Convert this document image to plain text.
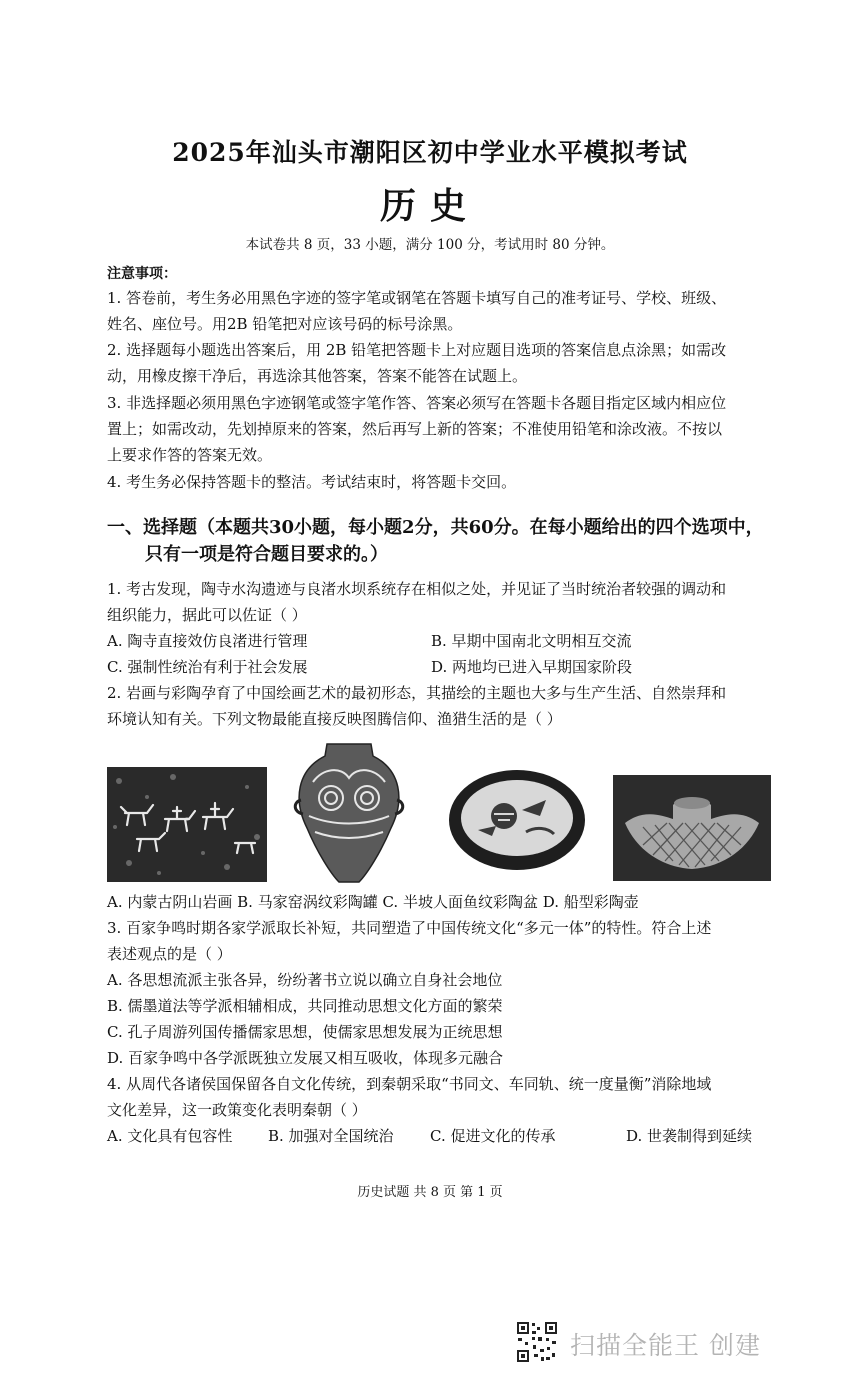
2025年汕头市潮阳区初中学业水平模拟考试
历史
本试卷共 8 页，33 小题，满分 100 分，考试用时 80 分钟。
注意事项：
1. 答卷前，考生务必用黑色字迹的签字笔或钢笔在答题卡填写自己的准考证号、学校、班级、
姓名、座位号。用2B 铅笔把对应该号码的标号涂黑。
2. 选择题每小题选出答案后，用 2B 铅笔把答题卡上对应题目选项的答案信息点涂黑；如需改
动，用橡皮擦干净后，再选涂其他答案，答案不能答在试题上。
3. 非选择题必须用黑色字迹钢笔或签字笔作答、答案必须写在答题卡各题目指定区域内相应位
置上；如需改动，先划掉原来的答案，然后再写上新的答案；不准使用铅笔和涂改液。不按以
上要求作答的答案无效。
4. 考生务必保持答题卡的整洁。考试结束时，将答题卡交回。
一、选择题（本题共30小题，每小题2分，共60分。在每小题给出的四个选项中，
只有一项是符合题目要求的。）
1. 考古发现，陶寺水沟遗迹与良渚水坝系统存在相似之处，并见证了当时统治者较强的调动和
组织能力，据此可以佐证（ ）
A. 陶寺直接效仿良渚进行管理	B. 早期中国南北文明相互交流
C. 强制性统治有利于社会发展	D. 两地均已进入早期国家阶段
2. 岩画与彩陶孕育了中国绘画艺术的最初形态，其描绘的主题也大多与生产生活、自然崇拜和
环境认知有关。下列文物最能直接反映图腾信仰、渔猎生活的是（ ）
A. 内蒙古阴山岩画 B. 马家窑涡纹彩陶罐 C. 半坡人面鱼纹彩陶盆 D. 船型彩陶壶
3. 百家争鸣时期各家学派取长补短，共同塑造了中国传统文化“多元一体”的特性。符合上述
表述观点的是（ ）
A. 各思想流派主张各异，纷纷著书立说以确立自身社会地位
B. 儒墨道法等学派相辅相成，共同推动思想文化方面的繁荣
C. 孔子周游列国传播儒家思想，使儒家思想发展为正统思想
D. 百家争鸣中各学派既独立发展又相互吸收，体现多元融合
4. 从周代各诸侯国保留各自文化传统，到秦朝采取“书同文、车同轨、统一度量衡”消除地域
文化差异，这一政策变化表明秦朝（ ）
A. 文化具有包容性 B. 加强对全国统治 C. 促进文化的传承	D. 世袭制得到延续
历史试题 共 8 页 第 1 页
扫描全能王 创建
